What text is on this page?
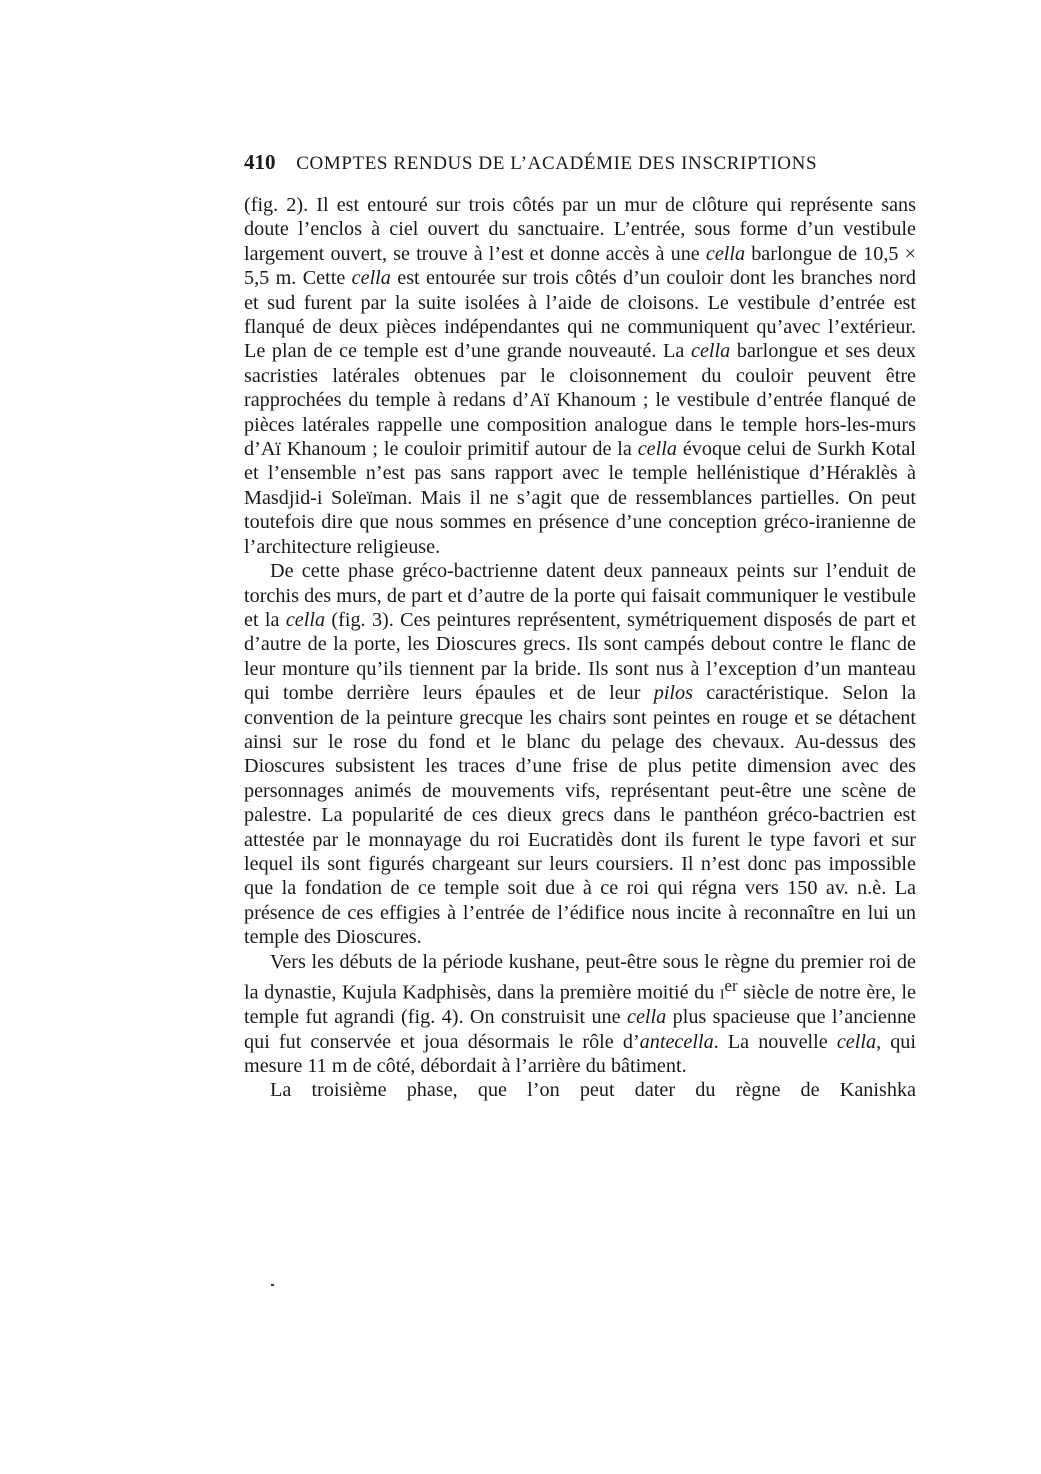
410 COMPTES RENDUS DE L’ACADÉMIE DES INSCRIPTIONS

(fig. 2). Il est entouré sur trois côtés par un mur de clôture qui représente sans doute l’enclos à ciel ouvert du sanctuaire. L’entrée, sous forme d’un vestibule largement ouvert, se trouve à l’est et donne accès à une cella barlongue de 10,5 × 5,5 m. Cette cella est entourée sur trois côtés d’un couloir dont les branches nord et sud furent par la suite isolées à l’aide de cloisons. Le vestibule d’entrée est flanqué de deux pièces indépendantes qui ne communiquent qu’avec l’extérieur. Le plan de ce temple est d’une grande nouveauté. La cella barlongue et ses deux sacristies latérales obtenues par le cloisonnement du couloir peuvent être rapprochées du temple à redans d’Aï Khanoum ; le vestibule d’entrée flanqué de pièces latérales rappelle une composition analogue dans le temple hors-les-murs d’Aï Khanoum ; le couloir primitif autour de la cella évoque celui de Surkh Kotal et l’ensemble n’est pas sans rapport avec le temple hellénistique d’Héraklès à Masdjid-i Soleïman. Mais il ne s’agit que de ressemblances partielles. On peut toutefois dire que nous sommes en présence d’une conception gréco-iranienne de l’architecture religieuse.

De cette phase gréco-bactrienne datent deux panneaux peints sur l’enduit de torchis des murs, de part et d’autre de la porte qui faisait communiquer le vestibule et la cella (fig. 3). Ces peintures représentent, symétriquement disposés de part et d’autre de la porte, les Dioscures grecs. Ils sont campés debout contre le flanc de leur monture qu’ils tiennent par la bride. Ils sont nus à l’exception d’un manteau qui tombe derrière leurs épaules et de leur pilos caractéristique. Selon la convention de la peinture grecque les chairs sont peintes en rouge et se détachent ainsi sur le rose du fond et le blanc du pelage des chevaux. Au-dessus des Dioscures subsistent les traces d’une frise de plus petite dimension avec des personnages animés de mouvements vifs, représentant peut-être une scène de palestre. La popularité de ces dieux grecs dans le panthéon gréco-bactrien est attestée par le monnayage du roi Eucratidès dont ils furent le type favori et sur lequel ils sont figurés chargeant sur leurs coursiers. Il n’est donc pas impossible que la fondation de ce temple soit due à ce roi qui régna vers 150 av. n.è. La présence de ces effigies à l’entrée de l’édifice nous incite à reconnaître en lui un temple des Dioscures.

Vers les débuts de la période kushane, peut-être sous le règne du premier roi de la dynastie, Kujula Kadphisès, dans la première moitié du $i^{er}$ siècle de notre ère, le temple fut agrandi (fig. 4). On construisit une cella plus spacieuse que l’ancienne qui fut conservée et joua désormais le rôle d’antecella. La nouvelle cella, qui mesure 11 m de côté, débordait à l’arrière du bâtiment.

La troisième phase, que l’on peut dater du règne de Kanishka
